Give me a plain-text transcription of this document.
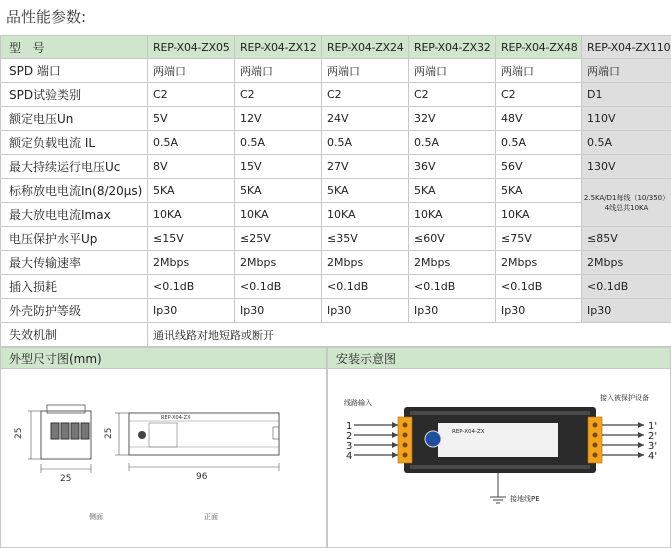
品性能参数:
型　号	REP-X04-ZX05	REP-X04-ZX12	REP-X04-ZX24	REP-X04-ZX32	REP-X04-ZX48	REP-X04-ZX110
SPD 端口	两端口	两端口	两端口	两端口	两端口	两端口
SPD试验类别	C2	C2	C2	C2	C2	D1
额定电压Un	5V	12V	24V	32V	48V	110V
额定负载电流 IL	0.5A	0.5A	0.5A	0.5A	0.5A	0.5A
最大持续运行电压Uc	8V	15V	27V	36V	56V	130V
标称放电电流In(8/20μs)	5KA	5KA	5KA	5KA	5KA	2.5KA/D1每线（10/350）4线总共10KA
最大放电电流Imax	10KA	10KA	10KA	10KA	10KA	
电压保护水平Up	≤15V	≤25V	≤35V	≤60V	≤75V	≤85V
最大传输速率	2Mbps	2Mbps	2Mbps	2Mbps	2Mbps	2Mbps
插入损耗	<0.1dB	<0.1dB	<0.1dB	<0.1dB	<0.1dB	<0.1dB
外壳防护等级	Ip30	Ip30	Ip30	Ip30	Ip30	Ip30
失效机制	通讯线路对地短路或断开					
外型尺寸图(mm)	安装示意图
25
25
REP-X04-ZX
25
96
侧面	正面
线路输入
接入被保护设备
REP-X04-ZX
1
2
3
4
1'
2'
3'
4'
接地线PE
